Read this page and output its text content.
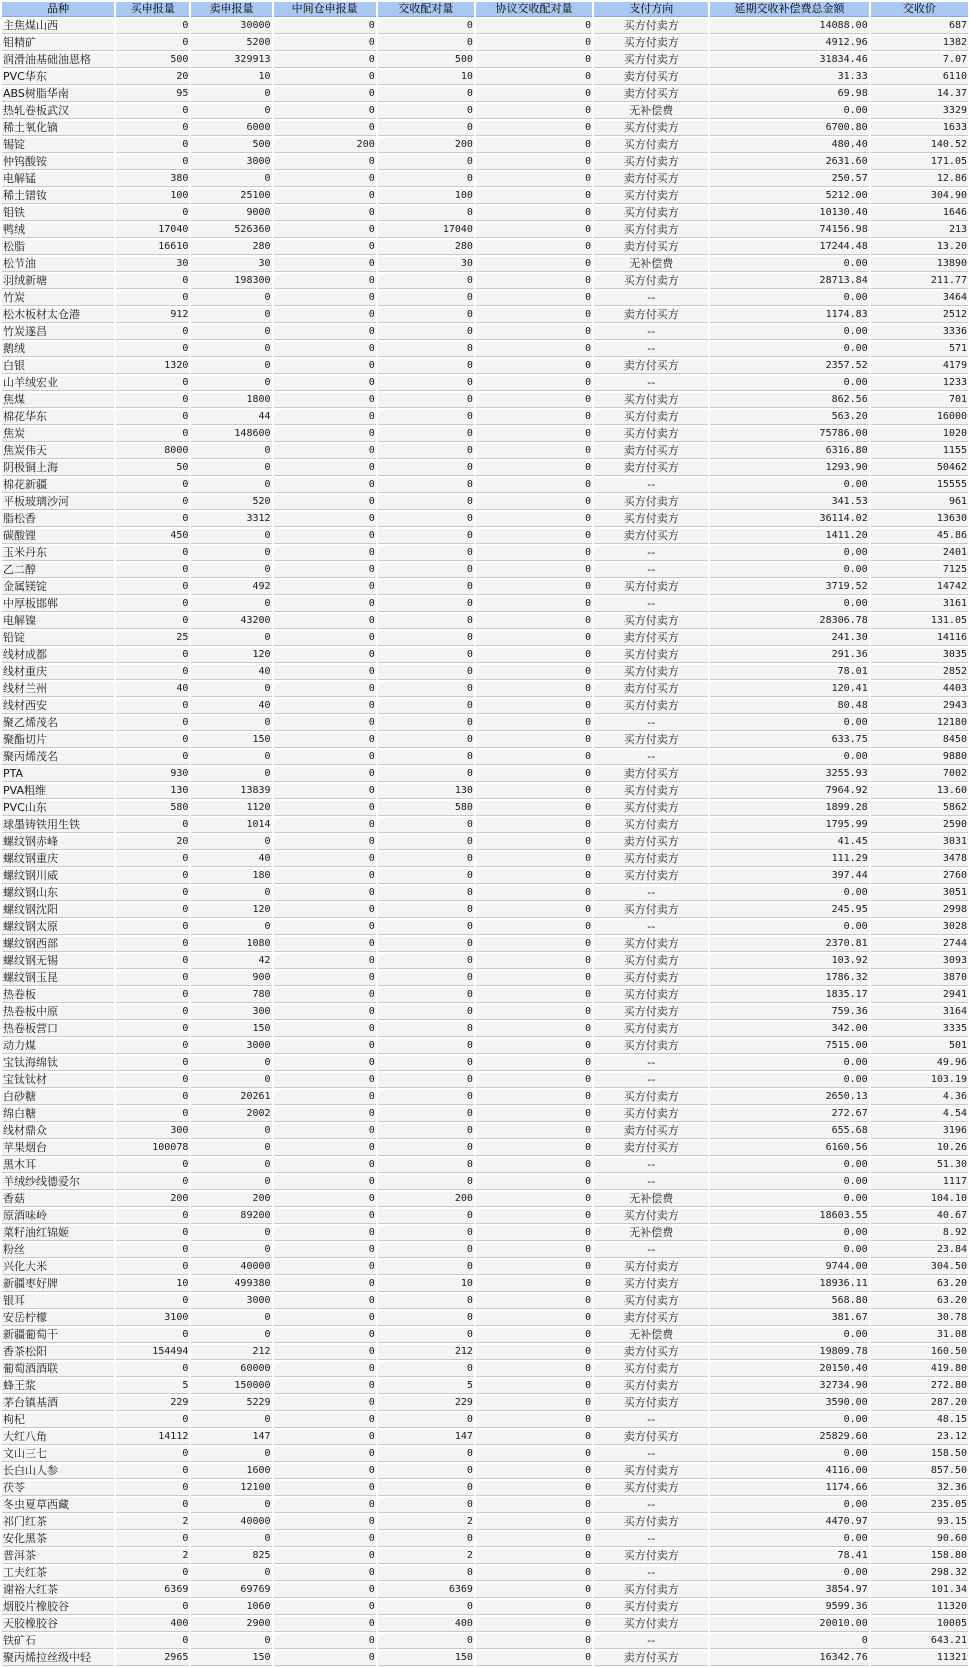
品种	买申报量	卖申报量	中间仓申报量	交收配对量	协议交收配对量	支付方向	延期交收补偿费总金额	交收价
主焦煤山西	0	30000	0	0	0	买方付卖方	14088.00	687
钼精矿	0	5200	0	0	0	买方付卖方	4912.96	1382
润滑油基础油恩格	500	329913	0	500	0	买方付卖方	31834.46	7.07
PVC华东	20	10	0	10	0	卖方付买方	31.33	6110
ABS树脂华南	95	0	0	0	0	卖方付买方	69.98	14.37
热轧卷板武汉	0	0	0	0	0	无补偿费	0.00	3329
稀土氧化镝	0	6000	0	0	0	买方付卖方	6700.80	1633
锡锭	0	500	200	200	0	买方付卖方	480.40	140.52
仲钨酸铵	0	3000	0	0	0	买方付卖方	2631.60	171.05
电解锰	380	0	0	0	0	卖方付买方	250.57	12.86
稀土镨钕	100	25100	0	100	0	买方付卖方	5212.00	304.90
钼铁	0	9000	0	0	0	买方付卖方	10130.40	1646
鸭绒	17040	526360	0	17040	0	买方付卖方	74156.98	213
松脂	16610	280	0	280	0	卖方付买方	17244.48	13.20
松节油	30	30	0	30	0	无补偿费	0.00	13890
羽绒新塘	0	198300	0	0	0	买方付卖方	28713.84	211.77
竹炭	0	0	0	0	0	--	0.00	3464
松木板材太仓港	912	0	0	0	0	卖方付买方	1174.83	2512
竹炭遂昌	0	0	0	0	0	--	0.00	3336
鹅绒	0	0	0	0	0	--	0.00	571
白银	1320	0	0	0	0	卖方付买方	2357.52	4179
山羊绒宏业	0	0	0	0	0	--	0.00	1233
焦煤	0	1800	0	0	0	买方付卖方	862.56	701
棉花华东	0	44	0	0	0	买方付卖方	563.20	16000
焦炭	0	148600	0	0	0	买方付卖方	75786.00	1020
焦炭伟天	8000	0	0	0	0	卖方付买方	6316.80	1155
阴极铜上海	50	0	0	0	0	卖方付买方	1293.90	50462
棉花新疆	0	0	0	0	0	--	0.00	15555
平板玻璃沙河	0	520	0	0	0	买方付卖方	341.53	961
脂松香	0	3312	0	0	0	买方付卖方	36114.02	13630
碳酸锂	450	0	0	0	0	卖方付买方	1411.20	45.86
玉米丹东	0	0	0	0	0	--	0.00	2401
乙二醇	0	0	0	0	0	--	0.00	7125
金属镁锭	0	492	0	0	0	买方付卖方	3719.52	14742
中厚板邯郸	0	0	0	0	0	--	0.00	3161
电解镍	0	43200	0	0	0	买方付卖方	28306.78	131.05
铅锭	25	0	0	0	0	卖方付买方	241.30	14116
线材成都	0	120	0	0	0	买方付卖方	291.36	3035
线材重庆	0	40	0	0	0	买方付卖方	78.01	2852
线材兰州	40	0	0	0	0	卖方付买方	120.41	4403
线材西安	0	40	0	0	0	买方付卖方	80.48	2943
聚乙烯茂名	0	0	0	0	0	--	0.00	12180
聚酯切片	0	150	0	0	0	买方付卖方	633.75	8450
聚丙烯茂名	0	0	0	0	0	--	0.00	9880
PTA	930	0	0	0	0	卖方付买方	3255.93	7002
PVA粗维	130	13839	0	130	0	买方付卖方	7964.92	13.60
PVC山东	580	1120	0	580	0	买方付卖方	1899.28	5862
球墨铸铁用生铁	0	1014	0	0	0	买方付卖方	1795.99	2590
螺纹钢赤峰	20	0	0	0	0	卖方付买方	41.45	3031
螺纹钢重庆	0	40	0	0	0	买方付卖方	111.29	3478
螺纹钢川威	0	180	0	0	0	买方付卖方	397.44	2760
螺纹钢山东	0	0	0	0	0	--	0.00	3051
螺纹钢沈阳	0	120	0	0	0	买方付卖方	245.95	2998
螺纹钢太原	0	0	0	0	0	--	0.00	3028
螺纹钢西部	0	1080	0	0	0	买方付卖方	2370.81	2744
螺纹钢无锡	0	42	0	0	0	买方付卖方	103.92	3093
螺纹钢玉昆	0	900	0	0	0	买方付卖方	1786.32	3870
热卷板	0	780	0	0	0	买方付卖方	1835.17	2941
热卷板中原	0	300	0	0	0	买方付卖方	759.36	3164
热卷板营口	0	150	0	0	0	买方付卖方	342.00	3335
动力煤	0	3000	0	0	0	买方付卖方	7515.00	501
宝钛海绵钛	0	0	0	0	0	--	0.00	49.96
宝钛钛材	0	0	0	0	0	--	0.00	103.19
白砂糖	0	20261	0	0	0	买方付卖方	2650.13	4.36
绵白糖	0	2002	0	0	0	买方付卖方	272.67	4.54
线材鼎众	300	0	0	0	0	卖方付买方	655.68	3196
苹果烟台	100078	0	0	0	0	卖方付买方	6160.56	10.26
黑木耳	0	0	0	0	0	--	0.00	51.30
羊绒纱线德爱尔	0	0	0	0	0	--	0.00	1117
香菇	200	200	0	200	0	无补偿费	0.00	104.10
原酒味岭	0	89200	0	0	0	买方付卖方	18603.55	40.67
菜籽油红锦姬	0	0	0	0	0	无补偿费	0.00	8.92
粉丝	0	0	0	0	0	--	0.00	23.84
兴化大米	0	40000	0	0	0	买方付卖方	9744.00	304.50
新疆枣好牌	10	499380	0	10	0	买方付卖方	18936.11	63.20
银耳	0	3000	0	0	0	买方付卖方	568.80	63.20
安岳柠檬	3100	0	0	0	0	卖方付买方	381.67	30.78
新疆葡萄干	0	0	0	0	0	无补偿费	0.00	31.08
香茶松阳	154494	212	0	212	0	卖方付买方	19809.78	160.50
葡萄酒酒联	0	60000	0	0	0	买方付卖方	20150.40	419.80
蜂王浆	5	150000	0	5	0	买方付卖方	32734.90	272.80
茅台镇基酒	229	5229	0	229	0	买方付卖方	3590.00	287.20
枸杞	0	0	0	0	0	--	0.00	48.15
大红八角	14112	147	0	147	0	卖方付买方	25829.60	23.12
文山三七	0	0	0	0	0	--	0.00	158.50
长白山人参	0	1600	0	0	0	买方付卖方	4116.00	857.50
茯苓	0	12100	0	0	0	买方付卖方	1174.66	32.36
冬虫夏草西藏	0	0	0	0	0	--	0.00	235.05
祁门红茶	2	40000	0	2	0	买方付卖方	4470.97	93.15
安化黑茶	0	0	0	0	0	--	0.00	90.60
普洱茶	2	825	0	2	0	买方付卖方	78.41	158.80
工夫红茶	0	0	0	0	0	--	0.00	298.32
谢裕大红茶	6369	69769	0	6369	0	买方付卖方	3854.97	101.34
烟胶片橡胶谷	0	1060	0	0	0	买方付卖方	9599.36	11320
天胶橡胶谷	400	2900	0	400	0	买方付卖方	20010.00	10005
铁矿石	0	0	0	0	0	--	0	643.21
聚丙烯拉丝级中轻	2965	150	0	150	0	卖方付买方	16342.76	11321
